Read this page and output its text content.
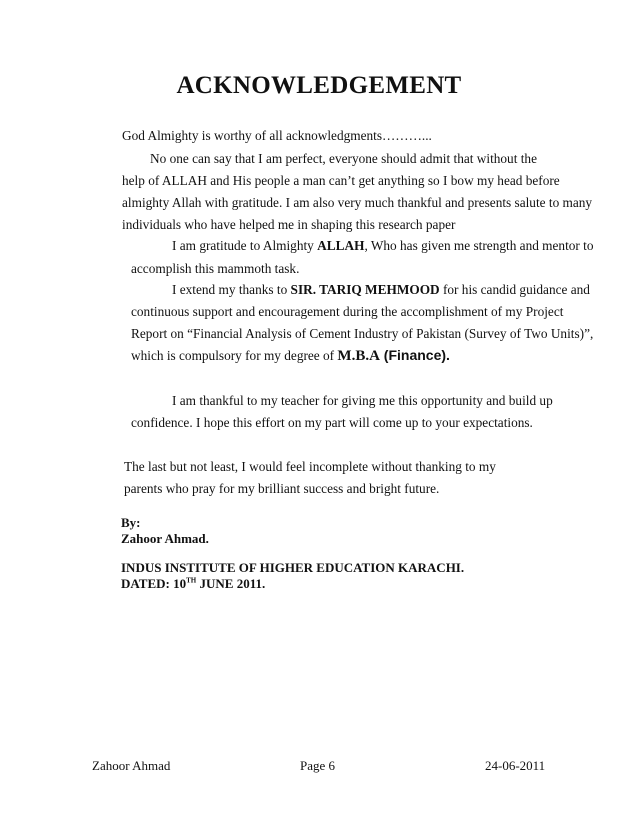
ACKNOWLEDGEMENT
God Almighty is worthy of all acknowledgments………...
No one can say that I am perfect, everyone should admit that without the
help of ALLAH and His people a man can’t get anything so I bow my head before
almighty Allah with gratitude. I am also very much thankful and presents salute to many
individuals who have helped me in shaping this research paper
I am gratitude to Almighty ALLAH, Who has given me strength and mentor to
accomplish this mammoth task.
I extend my thanks to SIR. TARIQ MEHMOOD for his candid guidance and
continuous support and encouragement during the accomplishment of my Project
Report on “Financial Analysis of Cement Industry of Pakistan (Survey of Two Units)”,
which is compulsory for my degree of M.B.A (Finance).
I am thankful to my teacher for giving me this opportunity and build up
confidence. I hope this effort on my part will come up to your expectations.
The last but not least, I would feel incomplete without thanking to my
parents who pray for my brilliant success and bright future.
By:
Zahoor Ahmad.
INDUS INSTITUTE OF HIGHER EDUCATION KARACHI.
DATED: 10TH JUNE 2011.
Zahoor Ahmad	Page 6	24-06-2011
